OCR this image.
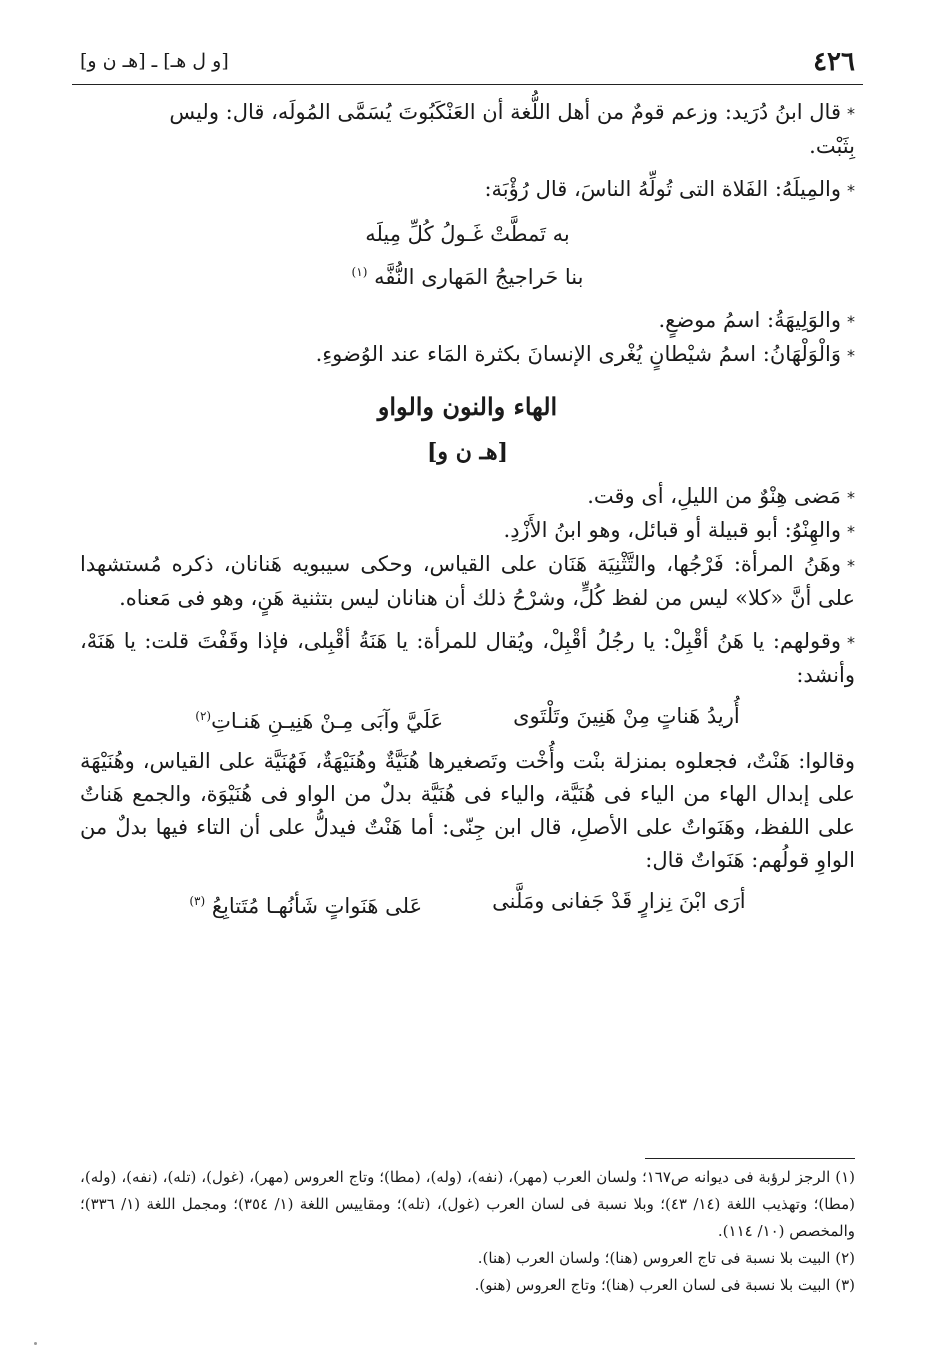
٤٢٦
[و ل هـ] ـ [هـ ن و]

*قال ابنُ دُرَيد: وزعم قومٌ من أهل اللُّغة أن العَنْكَبُوتَ يُسَمَّى المُولَه، قال: وليس
بِثَبْت.

*والمِيلَهُ: الفَلاة التى تُولِّهُ الناسَ، قال رُؤْبَة:

به تَمطَّتْ غَـولُ كُلِّ مِيلَه
بنا حَراجيجُ المَهارى النُّفَّه $^{(١)}$

*والوَلِيهَةُ: اسمُ موضعٍ.

*وَالْوَلْهَانُ: اسمُ شيْطانٍ يُغْرى الإنسانَ بكثرة المَاء عند الوُضوءِ.

الهاء والنون والواو
[هـ ن و]

*مَضى هِنْوٌ من الليلِ، أى وقت.

*والهِنْوُ: أبو قبيلة أو قبائل، وهو ابنُ الأَزْدِ.

*وهَنُ المرأة: فَرْجُها، والتَّثْنِيَة هَنَان على القياس، وحكى سيبويه هَنانان، ذكره مُستشهدا على أنَّ «كلا» ليس من لفظ كُلٍّ، وشرْحُ ذلك أن هنانان ليس بتثنية هَنٍ، وهو فى مَعناه.

*وقولهم: يا هَنُ أقْبِلْ: يا رجُلُ أقْبِلْ، ويُقال للمرأة: يا هَنَةُ أقْبِلى، فإذا وقَفْتَ قلت: يا هَنَهْ، وأنشد:

أُريدُ هَناتٍ مِنْ هَنِينَ وتَلْتَوى
عَلَيَّ وآبَى مِـنْ هَنِيـنِ هَنـاتِ$^{(٢)}$

وقالوا: هَنْتٌ، فجعلوه بمنزلة بنْت وأُخْت وتَصغيرها هُنَيَّةٌ وهُنَيْهَةٌ، فَهُنَيَّة على القياس، وهُنَيْهَة على إبدال الهاء من الياء فى هُنَيَّة، والياء فى هُنَيَّة بدلٌ من الواو فى هُنَيْوَة، والجمع هَناتٌ على اللفظ، وهَنَواتٌ على الأصلِ، قال ابن جِنّى: أما هَنْتٌ فيدلُّ على أن التاء فيها بدلٌ من الواوِ قولُهم: هَنَواتٌ قال:

أرَى ابْنَ نِزارٍ قَدْ جَفانى ومَلَّنى
عَلى هَنَواتٍ شَأنُهـا مُتَتابِعُ $^{(٣)}$

(١) الرجز لرؤبة فى ديوانه ص١٦٧؛ ولسان العرب (مهر)، (نفه)، (وله)، (مطا)؛ وتاج العروس (مهر)، (غول)، (تله)، (نفه)، (وله)، (مطا)؛ وتهذيب اللغة (١٤/ ٤٣)؛ وبلا نسبة فى لسان العرب (غول)، (تله)؛ ومقاييس اللغة (١/ ٣٥٤)؛ ومجمل اللغة (١/ ٣٣٦)؛ والمخصص (١٠/ ١١٤).

(٢) البيت بلا نسبة فى تاج العروس (هنا)؛ ولسان العرب (هنا).

(٣) البيت بلا نسبة فى لسان العرب (هنا)؛ وتاج العروس (هنو).
